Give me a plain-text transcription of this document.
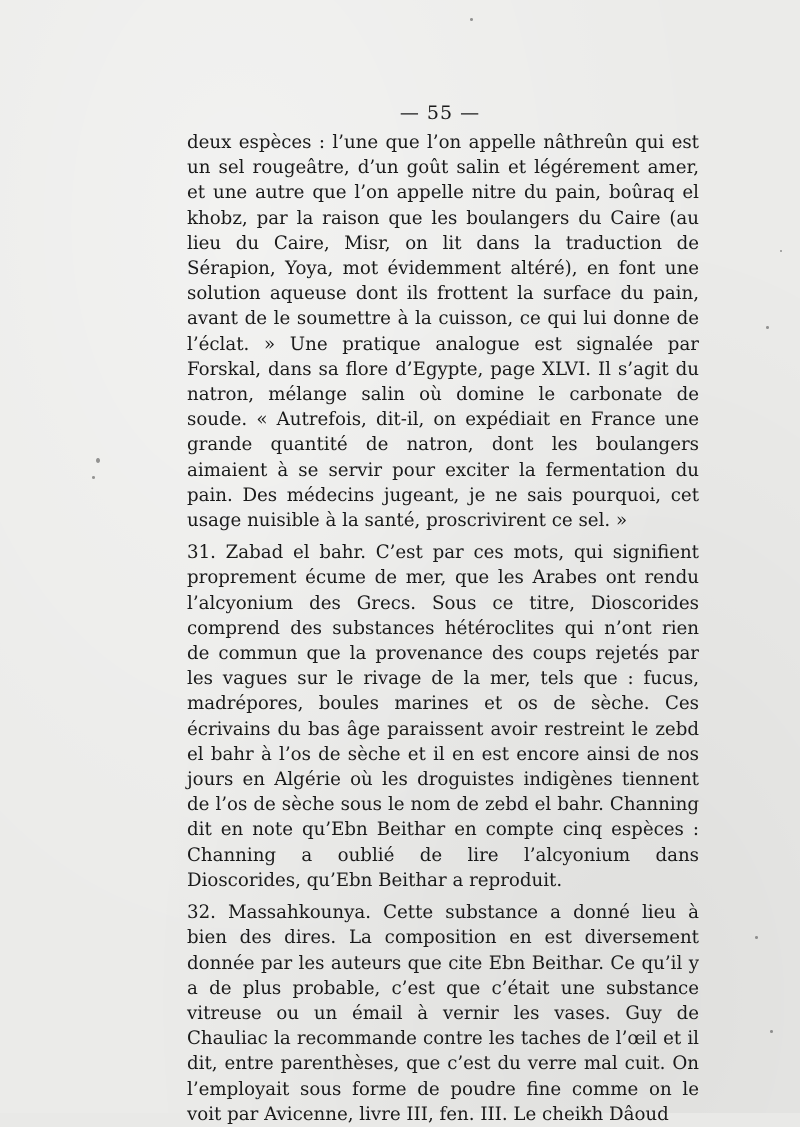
— 55 —

deux espèces : l’une que l’on appelle nâthreûn qui est un sel rougeâtre, d’un goût salin et légérement amer, et une autre que l’on appelle nitre du pain, boûraq el khobz, par la raison que les boulangers du Caire (au lieu du Caire, Misr, on lit dans la traduction de Sérapion, Yoya, mot évidemment altéré), en font une solution aqueuse dont ils frottent la surface du pain, avant de le soumettre à la cuisson, ce qui lui donne de l’éclat. » Une pratique analogue est signalée par Forskal, dans sa flore d’Egypte, page XLVI. Il s’agit du natron, mélange salin où domine le carbonate de soude. « Autrefois, dit-il, on expédiait en France une grande quantité de natron, dont les boulangers aimaient à se servir pour exciter la fermentation du pain. Des médecins jugeant, je ne sais pourquoi, cet usage nuisible à la santé, proscrivirent ce sel. »

31. Zabad el bahr. C’est par ces mots, qui signifient proprement écume de mer, que les Arabes ont rendu l’alcyonium des Grecs. Sous ce titre, Dioscorides comprend des substances hétéroclites qui n’ont rien de commun que la provenance des coups rejetés par les vagues sur le rivage de la mer, tels que : fucus, madrépores, boules marines et os de sèche. Ces écrivains du bas âge paraissent avoir restreint le zebd el bahr à l’os de sèche et il en est encore ainsi de nos jours en Algérie où les droguistes indigènes tiennent de l’os de sèche sous le nom de zebd el bahr. Channing dit en note qu’Ebn Beithar en compte cinq espèces : Channing a oublié de lire l’alcyonium dans Dioscorides, qu’Ebn Beithar a reproduit.

32. Massahkounya. Cette substance a donné lieu à bien des dires. La composition en est diversement donnée par les auteurs que cite Ebn Beithar. Ce qu’il y a de plus probable, c’est que c’était une substance vitreuse ou un émail à vernir les vases. Guy de Chauliac la recommande contre les taches de l’œil et il dit, entre parenthèses, que c’est du verre mal cuit. On l’employait sous forme de poudre fine comme on le voit par Avicenne, livre III, fen. III. Le cheikh Dâoud
